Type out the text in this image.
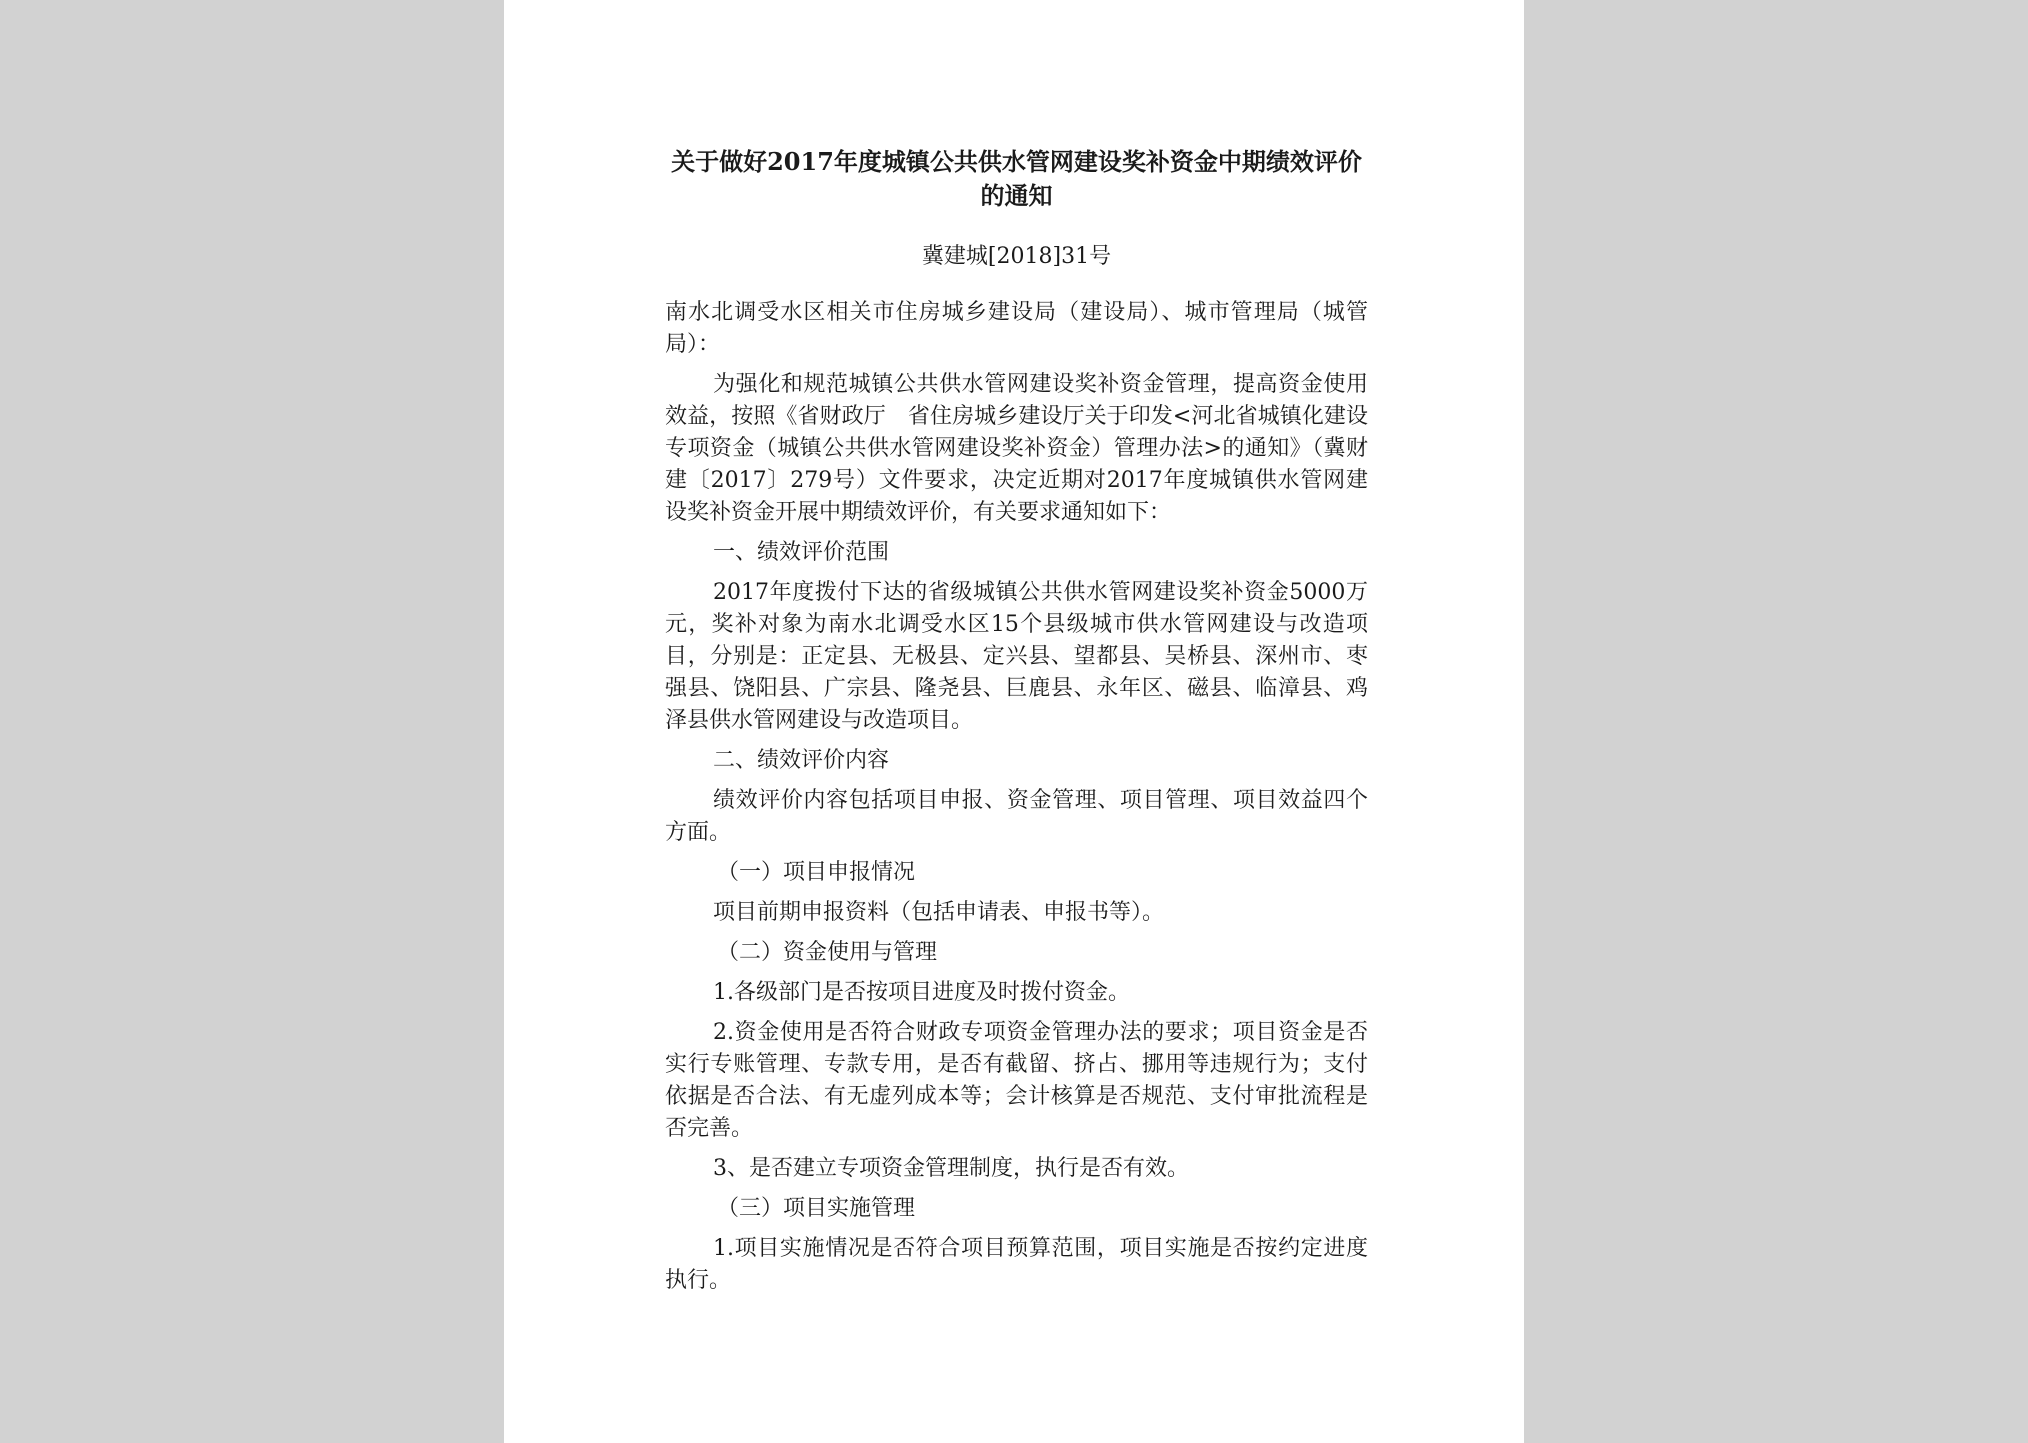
关于做好2017年度城镇公共供水管网建设奖补资金中期绩效评价的通知
冀建城[2018]31号

南水北调受水区相关市住房城乡建设局（建设局）、城市管理局（城管局）：

为强化和规范城镇公共供水管网建设奖补资金管理，提高资金使用效益，按照《省财政厅　省住房城乡建设厅关于印发<河北省城镇化建设专项资金（城镇公共供水管网建设奖补资金）管理办法>的通知》（冀财建〔2017〕279号）文件要求，决定近期对2017年度城镇供水管网建设奖补资金开展中期绩效评价，有关要求通知如下：

一、绩效评价范围

2017年度拨付下达的省级城镇公共供水管网建设奖补资金5000万元，奖补对象为南水北调受水区15个县级城市供水管网建设与改造项目，分别是：正定县、无极县、定兴县、望都县、吴桥县、深州市、枣强县、饶阳县、广宗县、隆尧县、巨鹿县、永年区、磁县、临漳县、鸡泽县供水管网建设与改造项目。

二、绩效评价内容

绩效评价内容包括项目申报、资金管理、项目管理、项目效益四个方面。

（一）项目申报情况

项目前期申报资料（包括申请表、申报书等）。

（二）资金使用与管理

1.各级部门是否按项目进度及时拨付资金。

2.资金使用是否符合财政专项资金管理办法的要求；项目资金是否实行专账管理、专款专用，是否有截留、挤占、挪用等违规行为；支付依据是否合法、有无虚列成本等；会计核算是否规范、支付审批流程是否完善。

3、是否建立专项资金管理制度，执行是否有效。

（三）项目实施管理

1.项目实施情况是否符合项目预算范围，项目实施是否按约定进度执行。
